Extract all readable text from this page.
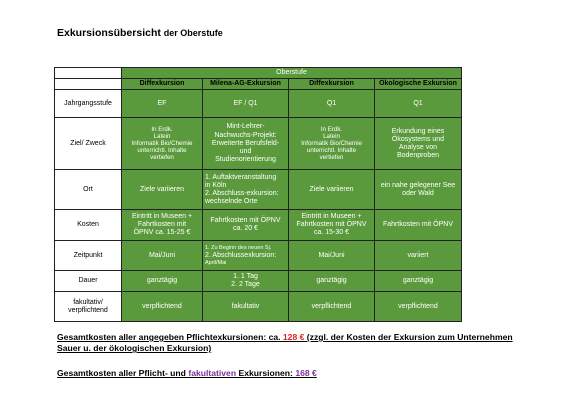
Exkursionsübersicht der Oberstufe
	Oberstufe			
	Diffexkursion	Milena-AG-Exkursion	Diffexkursion	Ökologische Exkursion
Jahrgangsstufe	EF	EF / Q1	Q1	Q1
Ziel/ Zweck	In Erdk.
Latein
Informatik Bio/Chemie
unterrichtl. Inhalte
vertiefen	Mint-Lehrer-
Nachwuchs-Projekt:
Erweiterte Berufsfeld-
und
Studienorientierung	In Erdk.
Latein
Informatik Bio/Chemie
unterrichtl. Inhalte
vertiefen	Erkundung eines
Ökosystems und
Analyse von
Bodenproben
Ort	Ziele variieren	1. Auftaktveranstaltung
in Köln
2. Abschluss-exkursion:
wechselnde Orte	Ziele variieren	ein nahe gelegener See
oder Wald
Kosten	Eintritt in Museen +
Fahrtkosten mit
ÖPNV ca. 15-25 €	Fahrtkosten mit ÖPNV
ca. 20 €	Eintritt in Museen +
Fahrtkosten mit ÖPNV
ca. 15-30 €	Fahrtkosten mit ÖPNV
Zeitpunkt	Mai/Juni	1. Zu Beginn des neuen Sj.
2. Abschlussexkursion:
April/Mai	Mai/Juni	variiert
Dauer	ganztägig	1. 1 Tag
2. 2 Tage	ganztägig	ganztägig
fakultativ/
verpflichtend	verpflichtend	fakultativ	verpflichtend	verpflichtend
Gesamtkosten aller angegeben Pflichtexkursionen: ca. 128 € (zzgl. der Kosten der Exkursion zum Unternehmen Sauer u. der ökologischen Exkursion)
Gesamtkosten aller Pflicht- und fakultativen Exkursionen: 168 €
